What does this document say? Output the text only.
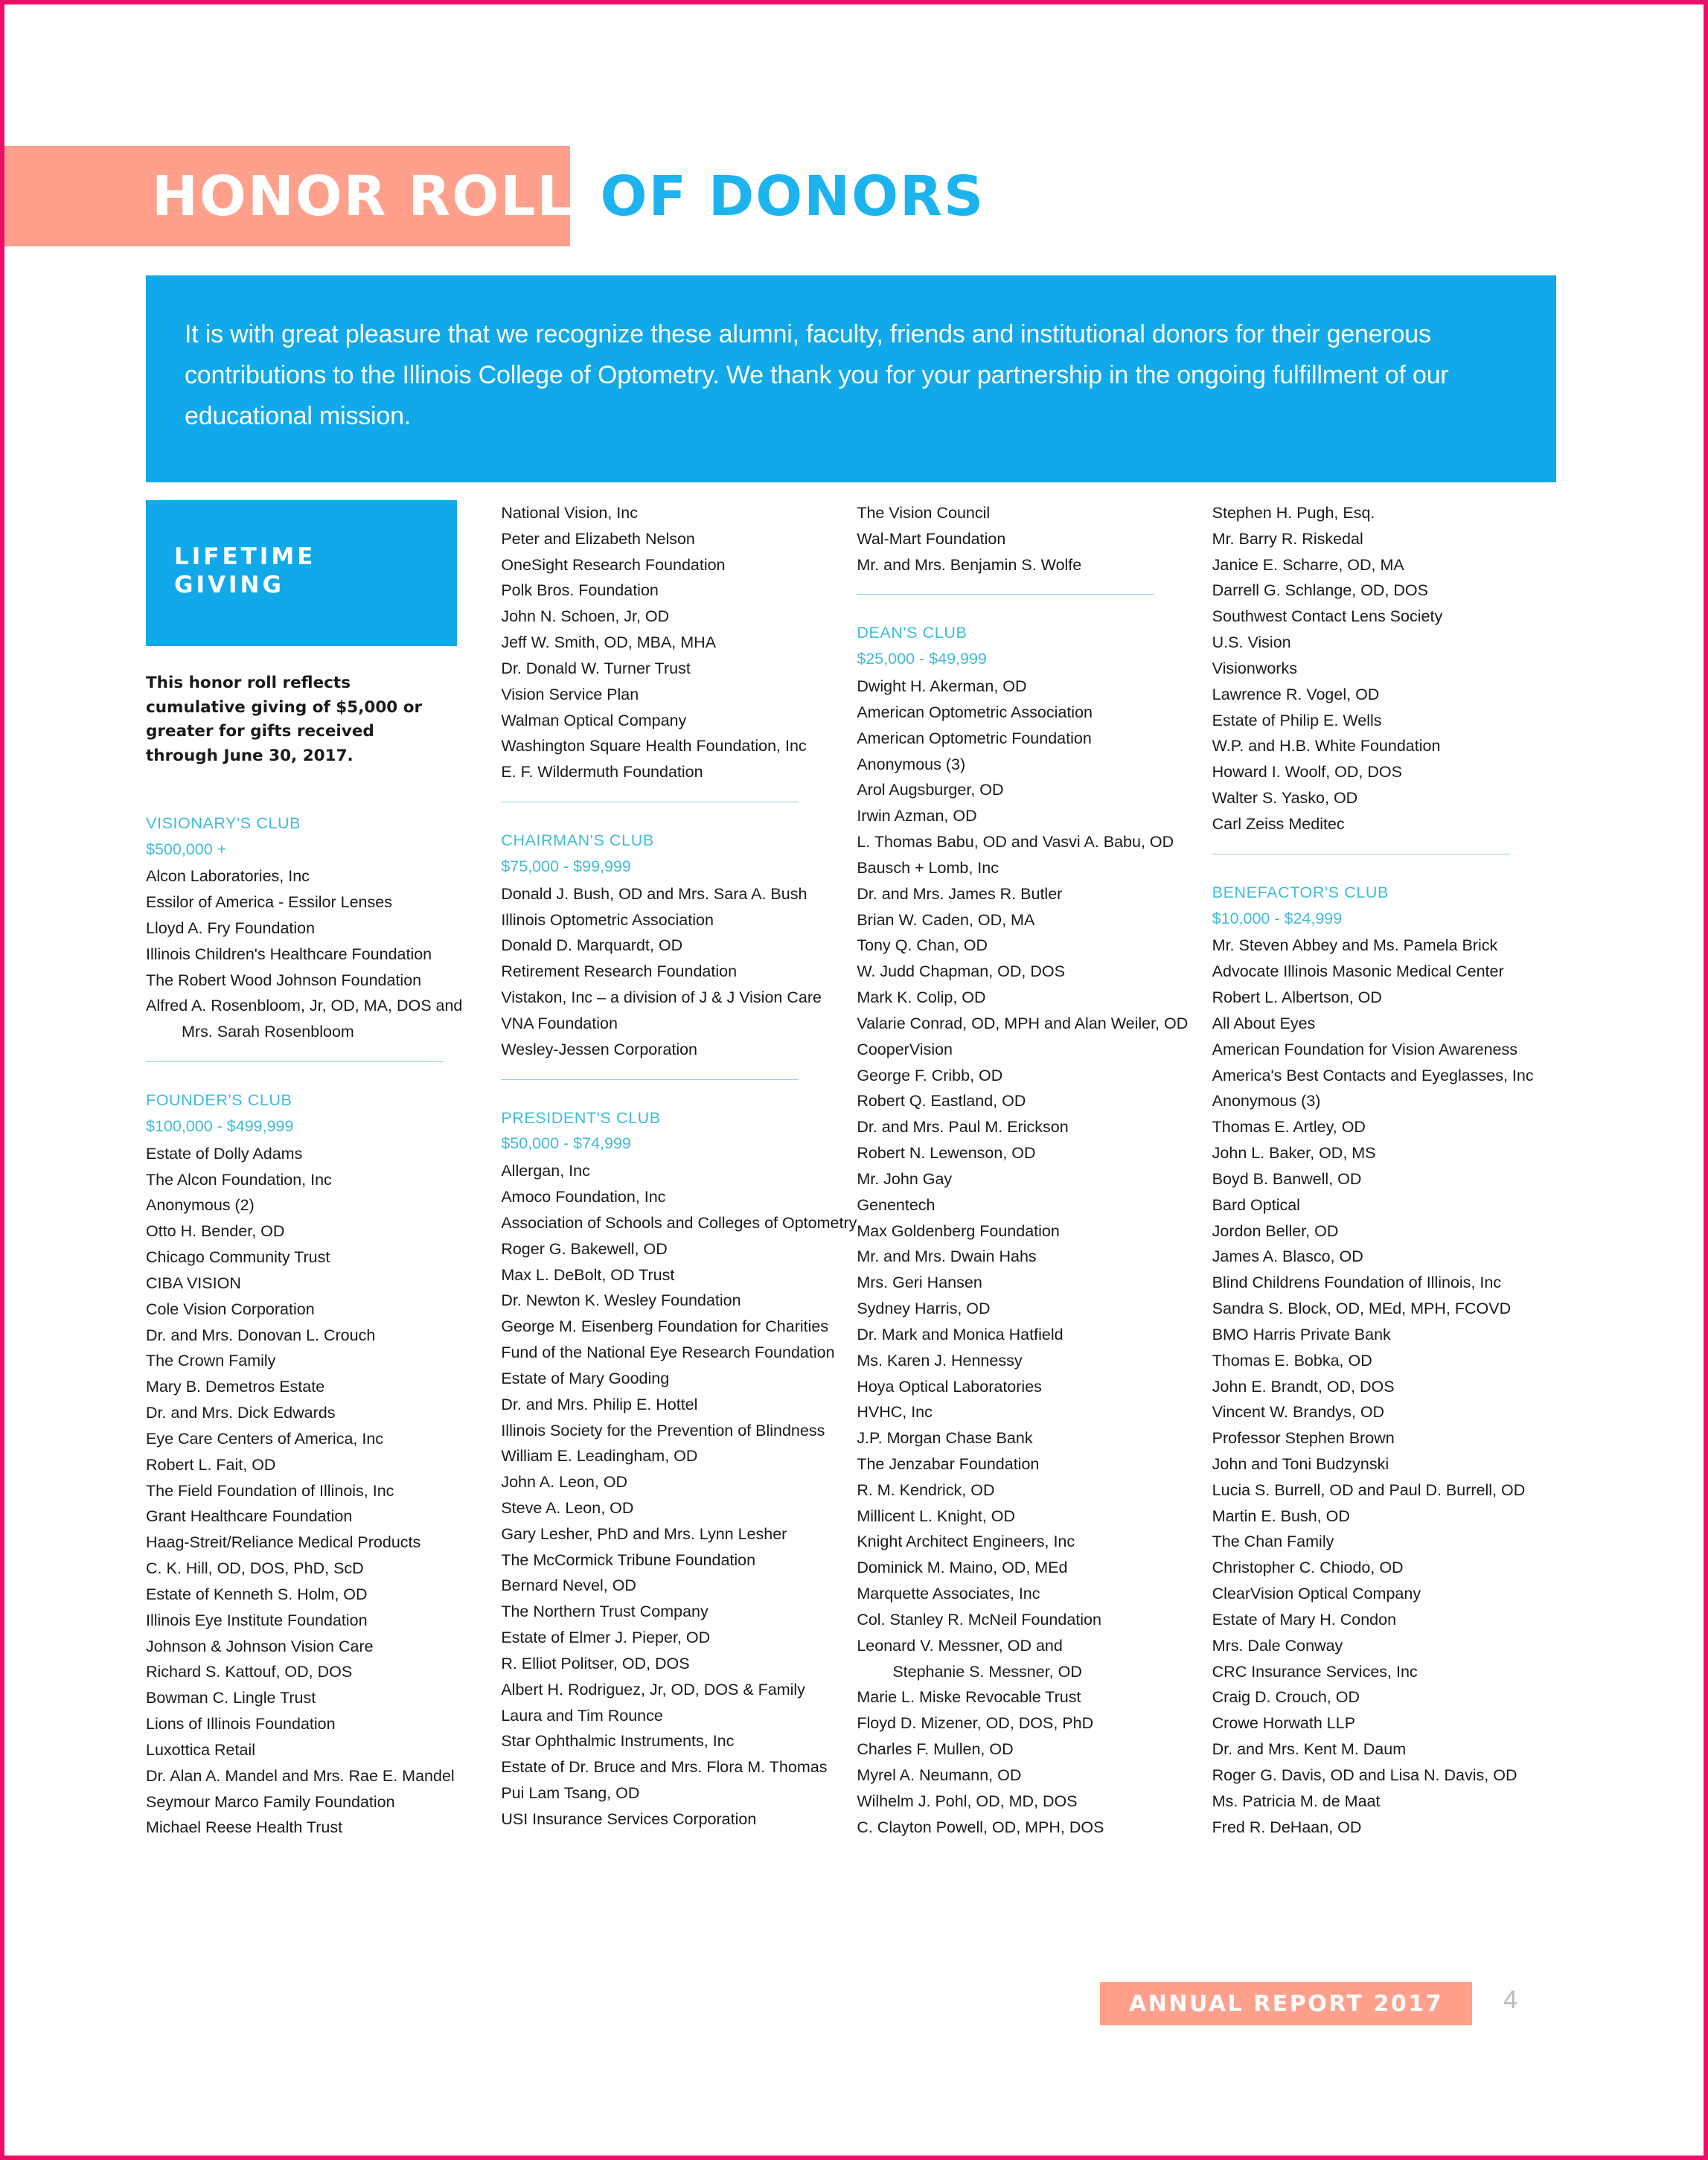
HONOR ROLL OF DONORS

It is with great pleasure that we recognize these alumni, faculty, friends and institutional donors for their generous contributions to the Illinois College of Optometry. We thank you for your partnership in the ongoing fulfillment of our educational mission.

LIFETIME
GIVING
This honor roll reflects cumulative giving of $5,000 or greater for gifts received through June 30, 2017.
VISIONARY'S CLUB
$500,000 +
Alcon Laboratories, Inc
Essilor of America - Essilor Lenses
Lloyd A. Fry Foundation
Illinois Children's Healthcare Foundation
The Robert Wood Johnson Foundation
Alfred A. Rosenbloom, Jr, OD, MA, DOS and
Mrs. Sarah Rosenbloom
FOUNDER'S CLUB
$100,000 - $499,999
Estate of Dolly Adams
The Alcon Foundation, Inc
Anonymous (2)
Otto H. Bender, OD
Chicago Community Trust
CIBA VISION
Cole Vision Corporation
Dr. and Mrs. Donovan L. Crouch
The Crown Family
Mary B. Demetros Estate
Dr. and Mrs. Dick Edwards
Eye Care Centers of America, Inc
Robert L. Fait, OD
The Field Foundation of Illinois, Inc
Grant Healthcare Foundation
Haag-Streit/Reliance Medical Products
C. K. Hill, OD, DOS, PhD, ScD
Estate of Kenneth S. Holm, OD
Illinois Eye Institute Foundation
Johnson & Johnson Vision Care
Richard S. Kattouf, OD, DOS
Bowman C. Lingle Trust
Lions of Illinois Foundation
Luxottica Retail
Dr. Alan A. Mandel and Mrs. Rae E. Mandel
Seymour Marco Family Foundation
Michael Reese Health Trust
National Vision, Inc
Peter and Elizabeth Nelson
OneSight Research Foundation
Polk Bros. Foundation
John N. Schoen, Jr, OD
Jeff W. Smith, OD, MBA, MHA
Dr. Donald W. Turner Trust
Vision Service Plan
Walman Optical Company
Washington Square Health Foundation, Inc
E. F. Wildermuth Foundation
CHAIRMAN'S CLUB
$75,000 - $99,999
Donald J. Bush, OD and Mrs. Sara A. Bush
Illinois Optometric Association
Donald D. Marquardt, OD
Retirement Research Foundation
Vistakon, Inc – a division of J & J Vision Care
VNA Foundation
Wesley-Jessen Corporation
PRESIDENT'S CLUB
$50,000 - $74,999
Allergan, Inc
Amoco Foundation, Inc
Association of Schools and Colleges of Optometry
Roger G. Bakewell, OD
Max L. DeBolt, OD Trust
Dr. Newton K. Wesley Foundation
George M. Eisenberg Foundation for Charities
Fund of the National Eye Research Foundation
Estate of Mary Gooding
Dr. and Mrs. Philip E. Hottel
Illinois Society for the Prevention of Blindness
William E. Leadingham, OD
John A. Leon, OD
Steve A. Leon, OD
Gary Lesher, PhD and Mrs. Lynn Lesher
The McCormick Tribune Foundation
Bernard Nevel, OD
The Northern Trust Company
Estate of Elmer J. Pieper, OD
R. Elliot Politser, OD, DOS
Albert H. Rodriguez, Jr, OD, DOS & Family
Laura and Tim Rounce
Star Ophthalmic Instruments, Inc
Estate of Dr. Bruce and Mrs. Flora M. Thomas
Pui Lam Tsang, OD
USI Insurance Services Corporation
The Vision Council
Wal-Mart Foundation
Mr. and Mrs. Benjamin S. Wolfe
DEAN'S CLUB
$25,000 - $49,999
Dwight H. Akerman, OD
American Optometric Association
American Optometric Foundation
Anonymous (3)
Arol Augsburger, OD
Irwin Azman, OD
L. Thomas Babu, OD and Vasvi A. Babu, OD
Bausch + Lomb, Inc
Dr. and Mrs. James R. Butler
Brian W. Caden, OD, MA
Tony Q. Chan, OD
W. Judd Chapman, OD, DOS
Mark K. Colip, OD
Valarie Conrad, OD, MPH and Alan Weiler, OD
CooperVision
George F. Cribb, OD
Robert Q. Eastland, OD
Dr. and Mrs. Paul M. Erickson
Robert N. Lewenson, OD
Mr. John Gay
Genentech
Max Goldenberg Foundation
Mr. and Mrs. Dwain Hahs
Mrs. Geri Hansen
Sydney Harris, OD
Dr. Mark and Monica Hatfield
Ms. Karen J. Hennessy
Hoya Optical Laboratories
HVHC, Inc
J.P. Morgan Chase Bank
The Jenzabar Foundation
R. M. Kendrick, OD
Millicent L. Knight, OD
Knight Architect Engineers, Inc
Dominick M. Maino, OD, MEd
Marquette Associates, Inc
Col. Stanley R. McNeil Foundation
Leonard V. Messner, OD and
Stephanie S. Messner, OD
Marie L. Miske Revocable Trust
Floyd D. Mizener, OD, DOS, PhD
Charles F. Mullen, OD
Myrel A. Neumann, OD
Wilhelm J. Pohl, OD, MD, DOS
C. Clayton Powell, OD, MPH, DOS
Stephen H. Pugh, Esq.
Mr. Barry R. Riskedal
Janice E. Scharre, OD, MA
Darrell G. Schlange, OD, DOS
Southwest Contact Lens Society
U.S. Vision
Visionworks
Lawrence R. Vogel, OD
Estate of Philip E. Wells
W.P. and H.B. White Foundation
Howard I. Woolf, OD, DOS
Walter S. Yasko, OD
Carl Zeiss Meditec
BENEFACTOR'S CLUB
$10,000 - $24,999
Mr. Steven Abbey and Ms. Pamela Brick
Advocate Illinois Masonic Medical Center
Robert L. Albertson, OD
All About Eyes
American Foundation for Vision Awareness
America's Best Contacts and Eyeglasses, Inc
Anonymous (3)
Thomas E. Artley, OD
John L. Baker, OD, MS
Boyd B. Banwell, OD
Bard Optical
Jordon Beller, OD
James A. Blasco, OD
Blind Childrens Foundation of Illinois, Inc
Sandra S. Block, OD, MEd, MPH, FCOVD
BMO Harris Private Bank
Thomas E. Bobka, OD
John E. Brandt, OD, DOS
Vincent W. Brandys, OD
Professor Stephen Brown
John and Toni Budzynski
Lucia S. Burrell, OD and Paul D. Burrell, OD
Martin E. Bush, OD
The Chan Family
Christopher C. Chiodo, OD
ClearVision Optical Company
Estate of Mary H. Condon
Mrs. Dale Conway
CRC Insurance Services, Inc
Craig D. Crouch, OD
Crowe Horwath LLP
Dr. and Mrs. Kent M. Daum
Roger G. Davis, OD and Lisa N. Davis, OD
Ms. Patricia M. de Maat
Fred R. DeHaan, OD
ANNUAL REPORT 2017 4
